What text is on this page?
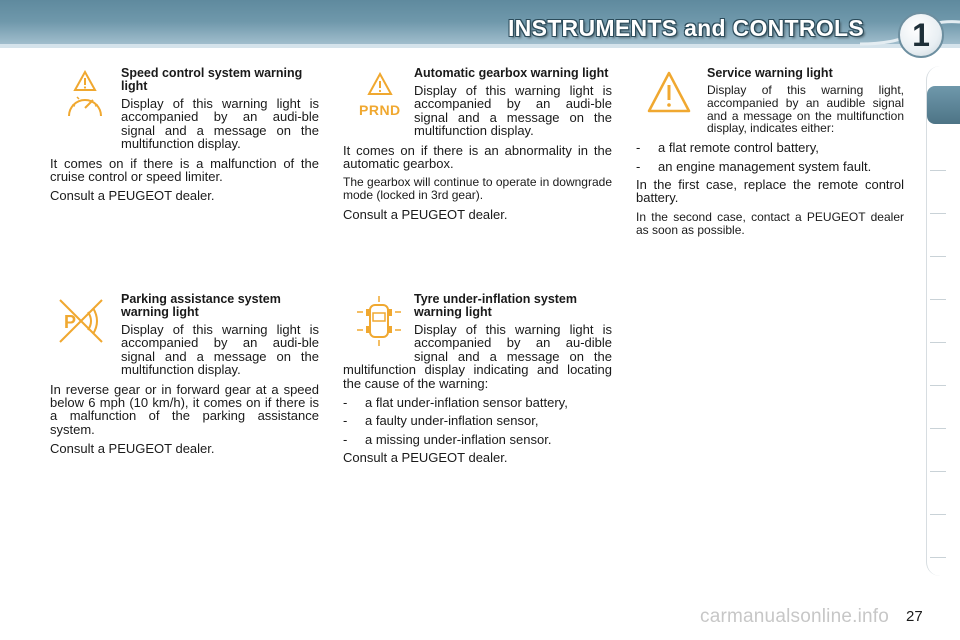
INSTRUMENTS and CONTROLS	1
PRND
P
Speed control system warning light

Display of this warning light is accompanied by an audi-ble signal and a message on the multifunction display.

It comes on if there is a malfunction of the cruise control or speed limiter.

Consult a PEUGEOT dealer.

Automatic gearbox warning light

Display of this warning light is accompanied by an audi-ble signal and a message on the multifunction display.

It comes on if there is an abnormality in the automatic gearbox.

The gearbox will continue to operate in downgrade mode (locked in 3rd gear).

Consult a PEUGEOT dealer.

Service warning light

Display of this warning light, accompanied by an audible signal and a message on the multifunction display, indicates either:

-	a flat remote control battery,
-	an engine management system fault.

In the first case, replace the remote control battery.

In the second case, contact a PEUGEOT dealer as soon as possible.

Parking assistance system warning light

Display of this warning light is accompanied by an audi-ble signal and a message on the multifunction display.

In reverse gear or in forward gear at a speed below 6 mph (10 km/h), it comes on if there is a malfunction of the parking assistance system.

Consult a PEUGEOT dealer.

Tyre under-inflation system warning light

Display of this warning light is accompanied by an au-dible signal and a message on the multifunction display indicating and locating the cause of the warning:

-	a flat under-inflation sensor battery,
-	a faulty under-inflation sensor,
-	a missing under-inflation sensor.

Consult a PEUGEOT dealer.

carmanualsonline.info 27
